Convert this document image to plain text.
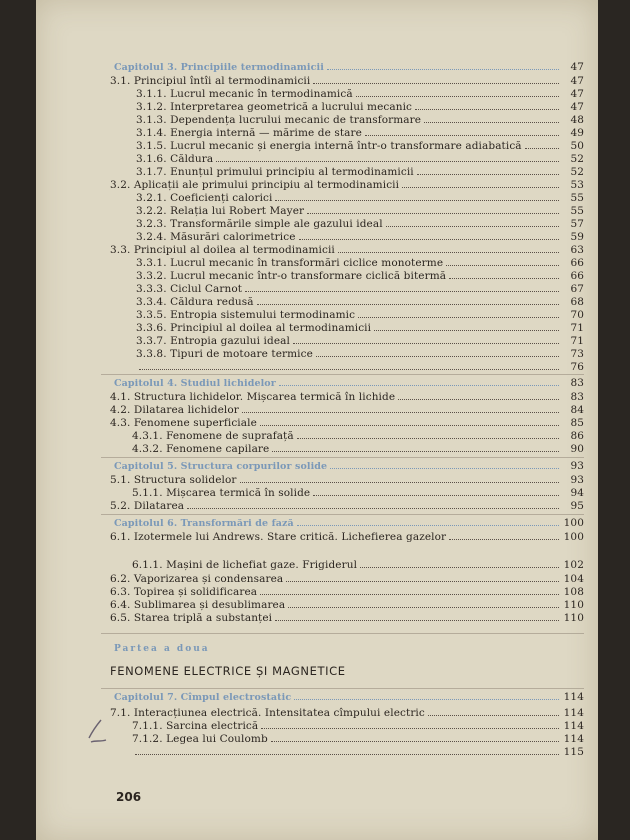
Partea a doua
FENOMENE ELECTRICE ȘI MAGNETICE
Capitolul 3. Principiile termodinamicii	47
3.1. Principiul întîi al termodinamicii	47
3.1.1. Lucrul mecanic în termodinamică	47
3.1.2. Interpretarea geometrică a lucrului mecanic	47
3.1.3. Dependența lucrului mecanic de transformare	48
3.1.4. Energia internă — mărime de stare	49
3.1.5. Lucrul mecanic și energia internă într-o transformare adiabatică	50
3.1.6. Căldura	52
3.1.7. Enunțul primului principiu al termodinamicii	52
3.2. Aplicații ale primului principiu al termodinamicii	53
3.2.1. Coeficienți calorici	55
3.2.2. Relația lui Robert Mayer	55
3.2.3. Transformările simple ale gazului ideal	57
3.2.4. Măsurări calorimetrice	59
3.3. Principiul al doilea al termodinamicii	63
3.3.1. Lucrul mecanic în transformări ciclice monoterme	66
3.3.2. Lucrul mecanic într-o transformare ciclică bitermă	66
3.3.3. Ciclul Carnot	67
3.3.4. Căldura redusă	68
3.3.5. Entropia sistemului termodinamic	70
3.3.6. Principiul al doilea al termodinamicii	71
3.3.7. Entropia gazului ideal	71
3.3.8. Tipuri de motoare termice	73
76
Capitolul 4. Studiul lichidelor	83
4.1. Structura lichidelor. Mișcarea termică în lichide	83
4.2. Dilatarea lichidelor	84
4.3. Fenomene superficiale	85
4.3.1. Fenomene de suprafață	86
4.3.2. Fenomene capilare	90
Capitolul 5. Structura corpurilor solide	93
5.1. Structura solidelor	93
5.1.1. Mișcarea termică în solide	94
5.2. Dilatarea	95
Capitolul 6. Transformări de fază	100
6.1. Izotermele lui Andrews. Stare critică. Lichefierea gazelor	100
6.1.1. Mașini de lichefiat gaze. Frigiderul	102
6.2. Vaporizarea și condensarea	104
6.3. Topirea și solidificarea	108
6.4. Sublimarea și desublimarea	110
6.5. Starea triplă a substanței	110
Capitolul 7. Cîmpul electrostatic	114
7.1. Interacțiunea electrică. Intensitatea cîmpului electric	114
7.1.1. Sarcina electrică	114
7.1.2. Legea lui Coulomb	114
115
206
